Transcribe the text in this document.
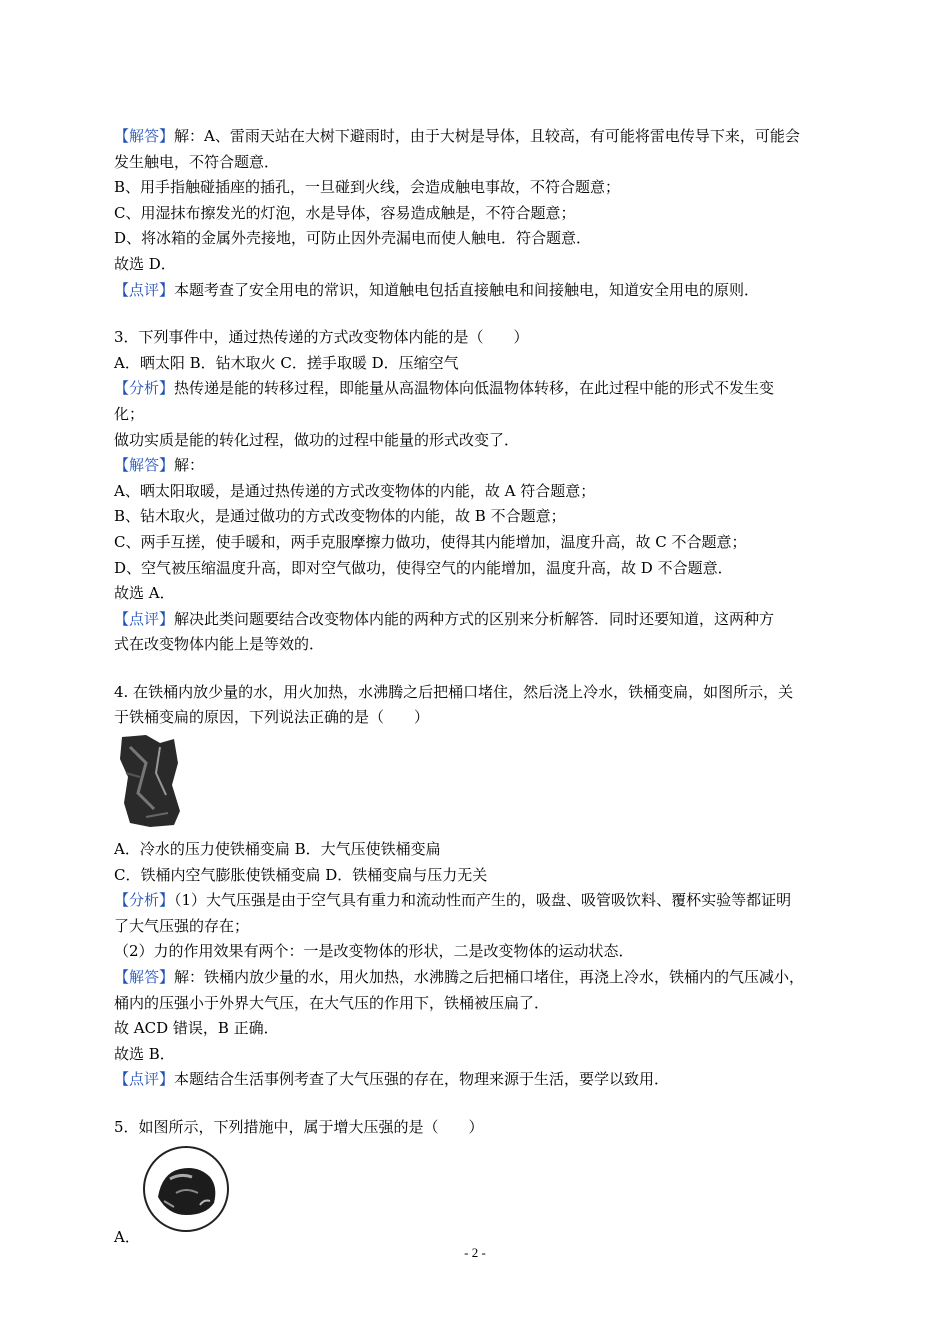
【解答】解：A、雷雨天站在大树下避雨时，由于大树是导体，且较高，有可能将雷电传导下来，可能会
发生触电，不符合题意．
B、用手指触碰插座的插孔，一旦碰到火线，会造成触电事故，不符合题意；
C、用湿抹布擦发光的灯泡，水是导体，容易造成触是，不符合题意；
D、将冰箱的金属外壳接地，可防止因外壳漏电而使人触电．符合题意．
故选 D．
【点评】本题考查了安全用电的常识，知道触电包括直接触电和间接触电，知道安全用电的原则．
3．下列事件中，通过热传递的方式改变物体内能的是（　　）
A．晒太阳 B．钻木取火 C．搓手取暖 D．压缩空气
【分析】热传递是能的转移过程，即能量从高温物体向低温物体转移，在此过程中能的形式不发生变
化；
做功实质是能的转化过程，做功的过程中能量的形式改变了．
【解答】解：
A、晒太阳取暖，是通过热传递的方式改变物体的内能，故 A 符合题意；
B、钻木取火，是通过做功的方式改变物体的内能，故 B 不合题意；
C、两手互搓，使手暖和，两手克服摩擦力做功，使得其内能增加，温度升高，故 C 不合题意；
D、空气被压缩温度升高，即对空气做功，使得空气的内能增加，温度升高，故 D 不合题意．
故选 A．
【点评】解决此类问题要结合改变物体内能的两种方式的区别来分析解答．同时还要知道，这两种方
式在改变物体内能上是等效的．
4. 在铁桶内放少量的水，用火加热，水沸腾之后把桶口堵住，然后浇上冷水，铁桶变扁，如图所示，关
于铁桶变扁的原因，下列说法正确的是（　　）
A．冷水的压力使铁桶变扁 B．大气压使铁桶变扁
C．铁桶内空气膨胀使铁桶变扁 D．铁桶变扁与压力无关
【分析】（1）大气压强是由于空气具有重力和流动性而产生的，吸盘、吸管吸饮料、覆杯实验等都证明
了大气压强的存在；
（2）力的作用效果有两个：一是改变物体的形状，二是改变物体的运动状态．
【解答】解：铁桶内放少量的水，用火加热，水沸腾之后把桶口堵住，再浇上冷水，铁桶内的气压减小，
桶内的压强小于外界大气压，在大气压的作用下，铁桶被压扁了．
故 ACD 错误，B 正确．
故选 B．
【点评】本题结合生活事例考查了大气压强的存在，物理来源于生活，要学以致用．
5．如图所示，下列措施中，属于增大压强的是（　　）
A．
- 2 -
